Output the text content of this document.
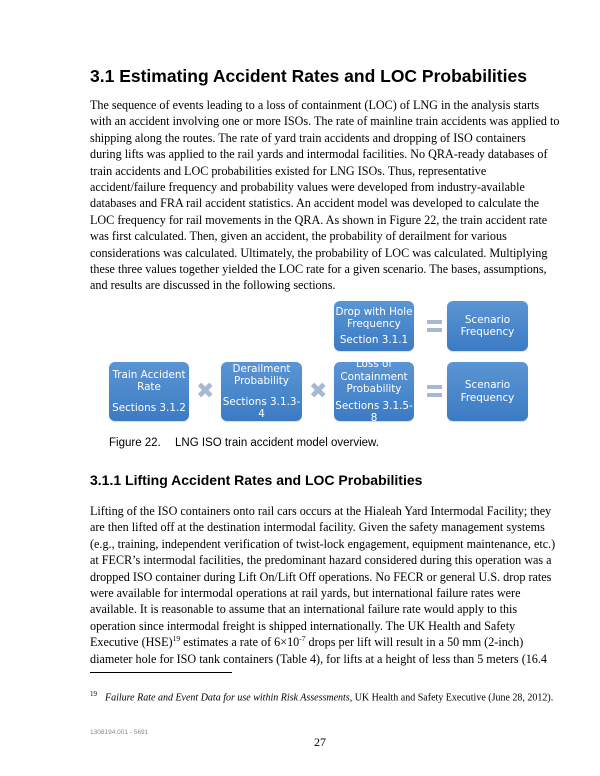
3.1 Estimating Accident Rates and LOC Probabilities
The sequence of events leading to a loss of containment (LOC) of LNG in the analysis starts
with an accident involving one or more ISOs. The rate of mainline train accidents was applied to
shipping along the routes. The rate of yard train accidents and dropping of ISO containers
during lifts was applied to the rail yards and intermodal facilities. No QRA-ready databases of
train accidents and LOC probabilities existed for LNG ISOs. Thus, representative
accident/failure frequency and probability values were developed from industry-available
databases and FRA rail accident statistics. An accident model was developed to calculate the
LOC frequency for rail movements in the QRA. As shown in Figure 22, the train accident rate
was first calculated. Then, given an accident, the probability of derailment for various
considerations was calculated. Ultimately, the probability of LOC was calculated. Multiplying
these three values together yielded the LOC rate for a given scenario. The bases, assumptions,
and results are discussed in the following sections.
Drop with Hole
Frequency
Section 3.1.1
Scenario
Frequency
Train Accident
Rate
Sections 3.1.2
✖
Derailment
Probability
Sections 3.1.3-4
✖
Loss of
Containment
Probability
Sections 3.1.5-8
Scenario
Frequency
Figure 22. LNG ISO train accident model overview.
3.1.1 Lifting Accident Rates and LOC Probabilities
Lifting of the ISO containers onto rail cars occurs at the Hialeah Yard Intermodal Facility; they
are then lifted off at the destination intermodal facility. Given the safety management systems
(e.g., training, independent verification of twist-lock engagement, equipment maintenance, etc.)
at FECR’s intermodal facilities, the predominant hazard considered during this operation was a
dropped ISO container during Lift On/Lift Off operations. No FECR or general U.S. drop rates
were available for intermodal operations at rail yards, but international failure rates were
available. It is reasonable to assume that an international failure rate would apply to this
operation since intermodal freight is shipped internationally. The UK Health and Safety
Executive (HSE)$^{19}$ estimates a rate of 6×10$^{-7}$ drops per lift will result in a 50 mm (2-inch)
diameter hole for ISO tank containers (Table 4), for lifts at a height of less than 5 meters (16.4
$^{19}$ Failure Rate and Event Data for use within Risk Assessments, UK Health and Safety Executive (June 28, 2012).
1308194.001 - 5691
27
